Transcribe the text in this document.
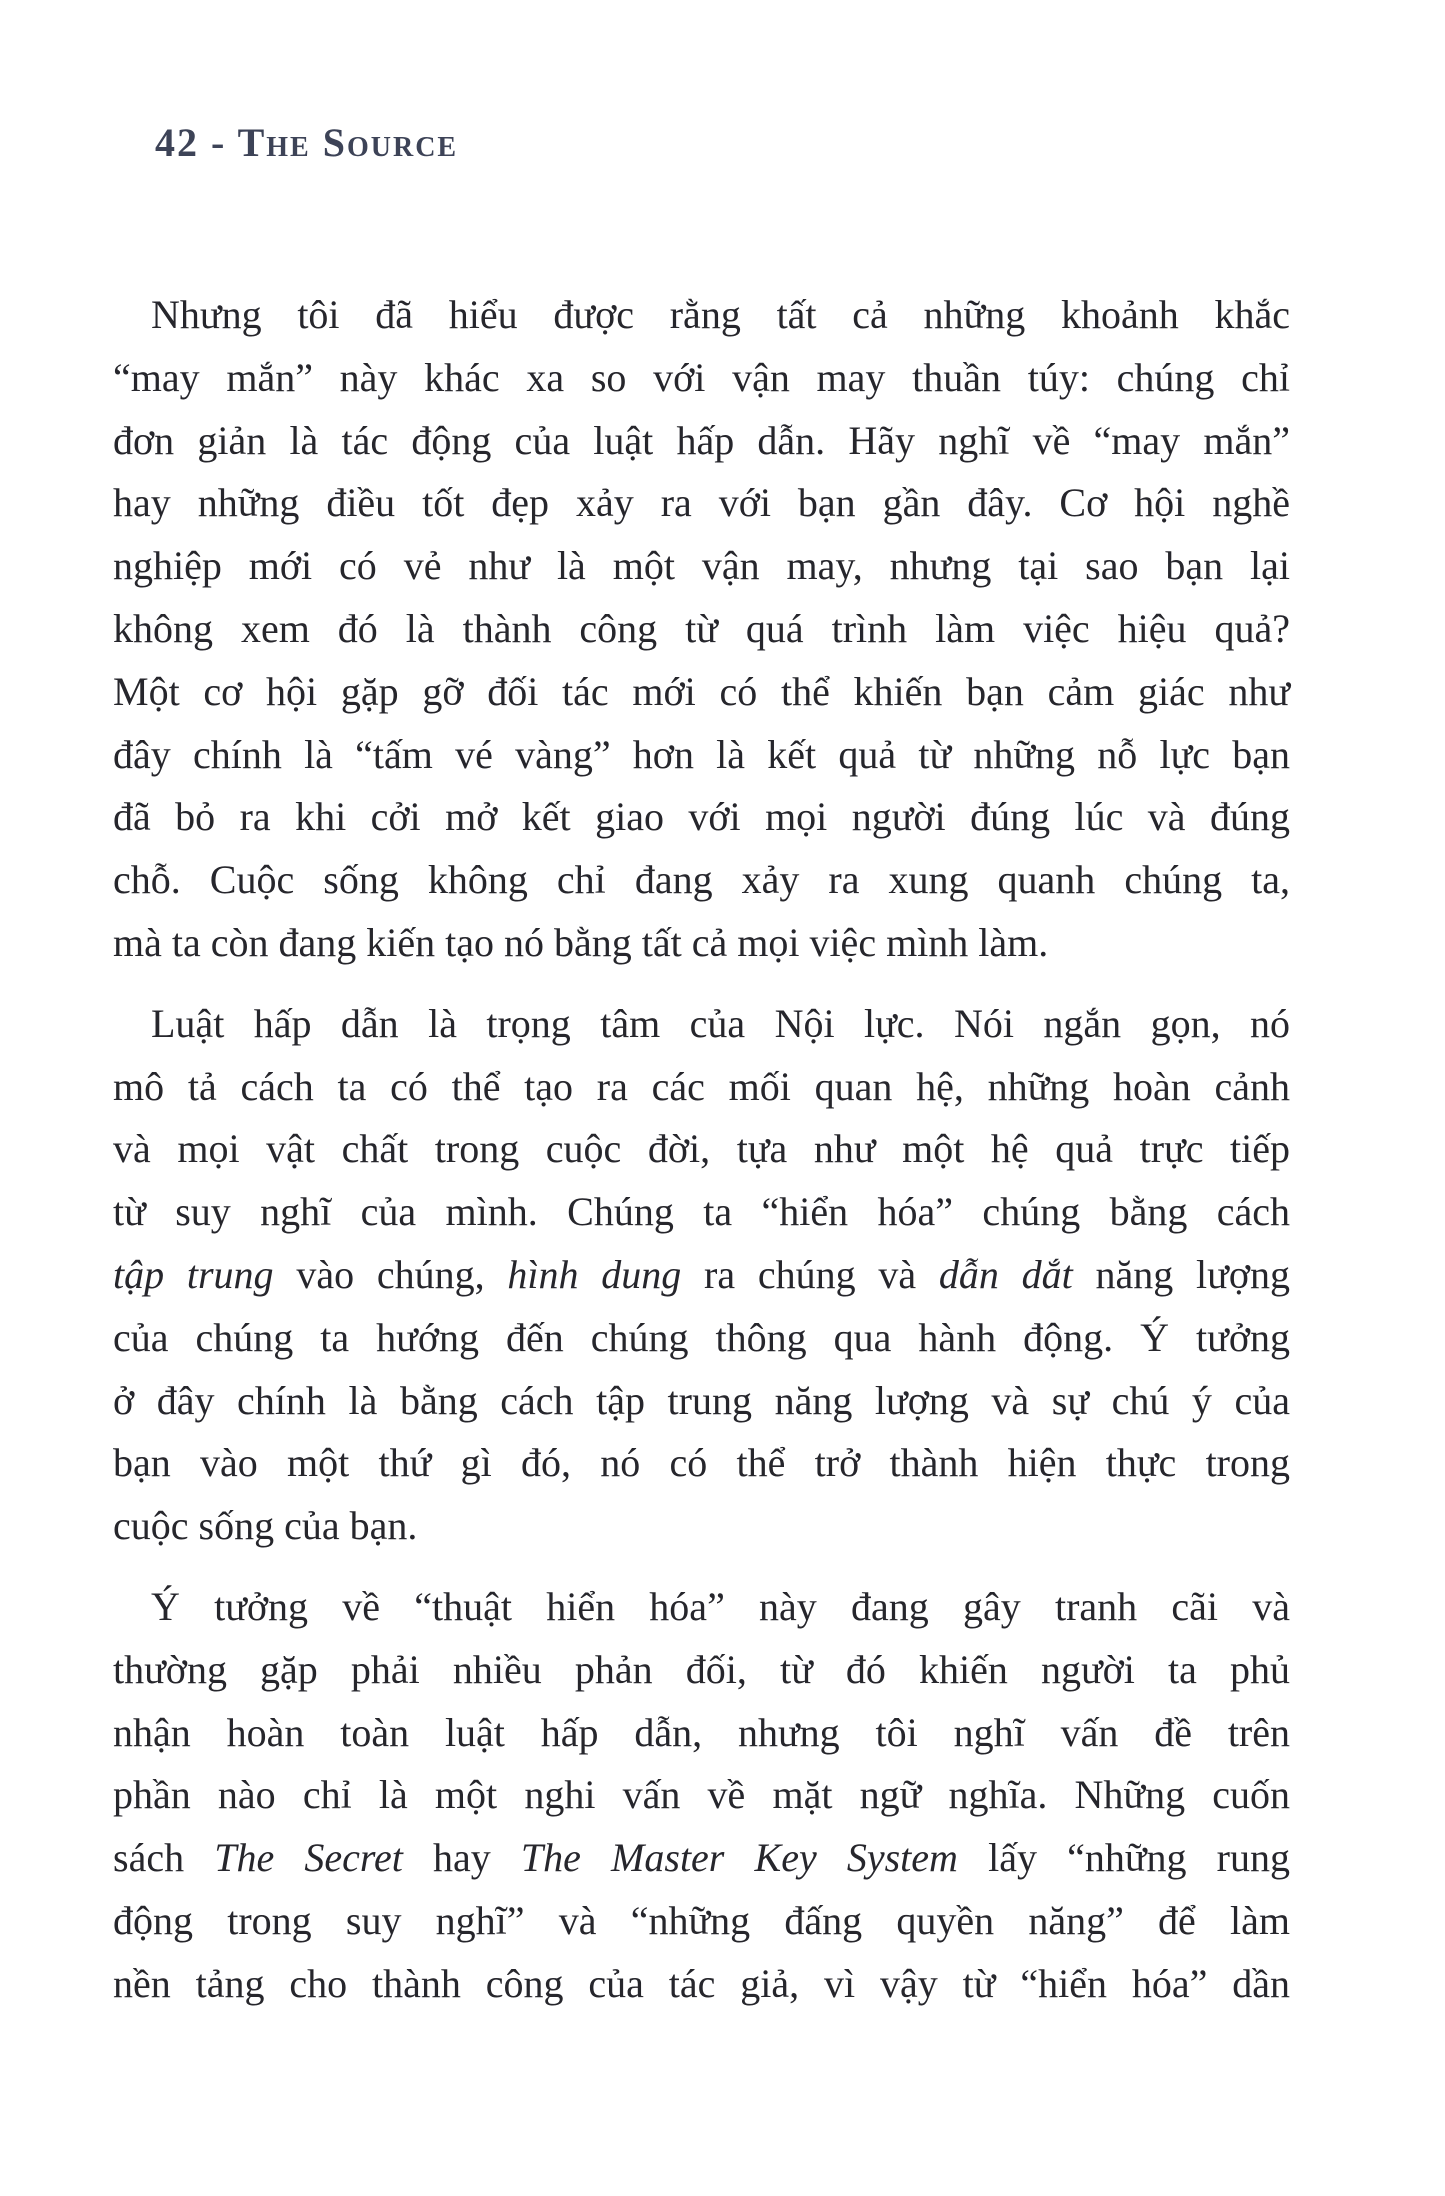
42 - The Source
Nhưng tôi đã hiểu được rằng tất cả những khoảnh khắc
“may mắn” này khác xa so với vận may thuần túy: chúng chỉ
đơn giản là tác động của luật hấp dẫn. Hãy nghĩ về “may mắn”
hay những điều tốt đẹp xảy ra với bạn gần đây. Cơ hội nghề
nghiệp mới có vẻ như là một vận may, nhưng tại sao bạn lại
không xem đó là thành công từ quá trình làm việc hiệu quả?
Một cơ hội gặp gỡ đối tác mới có thể khiến bạn cảm giác như
đây chính là “tấm vé vàng” hơn là kết quả từ những nỗ lực bạn
đã bỏ ra khi cởi mở kết giao với mọi người đúng lúc và đúng
chỗ. Cuộc sống không chỉ đang xảy ra xung quanh chúng ta,
mà ta còn đang kiến tạo nó bằng tất cả mọi việc mình làm.
Luật hấp dẫn là trọng tâm của Nội lực. Nói ngắn gọn, nó
mô tả cách ta có thể tạo ra các mối quan hệ, những hoàn cảnh
và mọi vật chất trong cuộc đời, tựa như một hệ quả trực tiếp
từ suy nghĩ của mình. Chúng ta “hiển hóa” chúng bằng cách
tập trung vào chúng, hình dung ra chúng và dẫn dắt năng lượng
của chúng ta hướng đến chúng thông qua hành động. Ý tưởng
ở đây chính là bằng cách tập trung năng lượng và sự chú ý của
bạn vào một thứ gì đó, nó có thể trở thành hiện thực trong
cuộc sống của bạn.
Ý tưởng về “thuật hiển hóa” này đang gây tranh cãi và
thường gặp phải nhiều phản đối, từ đó khiến người ta phủ
nhận hoàn toàn luật hấp dẫn, nhưng tôi nghĩ vấn đề trên
phần nào chỉ là một nghi vấn về mặt ngữ nghĩa. Những cuốn
sách The Secret hay The Master Key System lấy “những rung
động trong suy nghĩ” và “những đấng quyền năng” để làm
nền tảng cho thành công của tác giả, vì vậy từ “hiển hóa” dần
